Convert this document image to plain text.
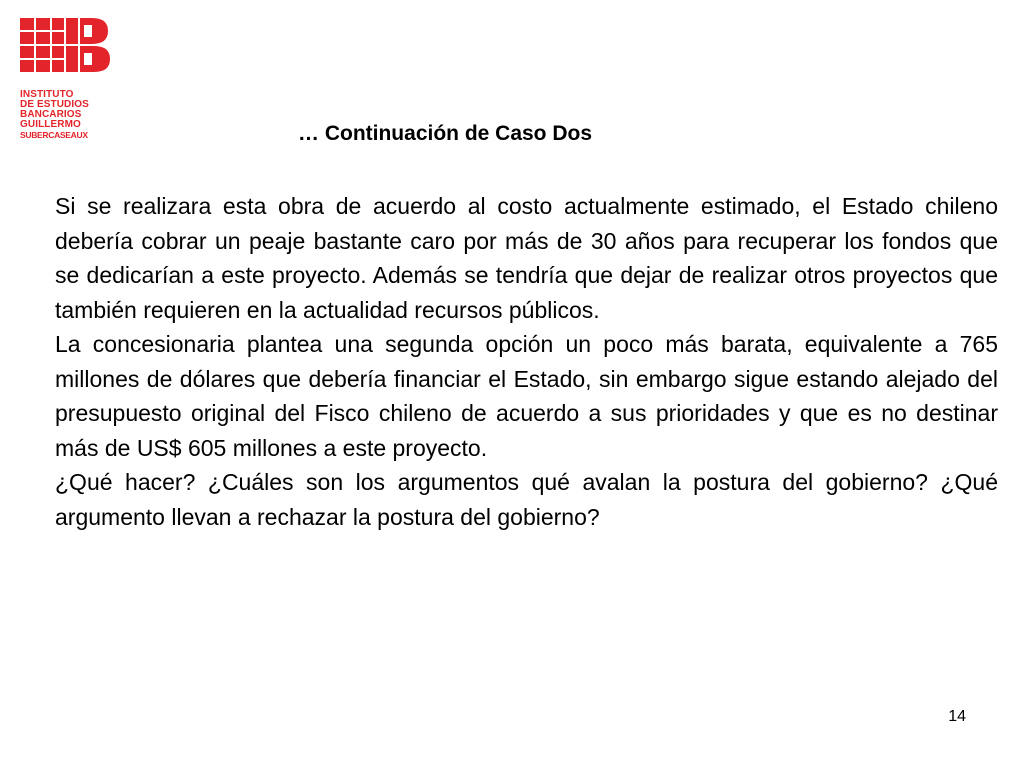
INSTITUTO
DE ESTUDIOS
BANCARIOS
GUILLERMO
SUBERCASEAUX	… Continuación de Caso Dos

Si se realizara esta obra de acuerdo al costo actualmente estimado, el Estado chileno debería cobrar un peaje bastante caro por más de 30 años para recuperar los fondos que se dedicarían a este proyecto. Además se tendría que dejar de realizar otros proyectos que también requieren en la actualidad recursos públicos.

La concesionaria plantea una segunda opción un poco más barata, equivalente a 765 millones de dólares que debería financiar el Estado, sin embargo sigue estando alejado del presupuesto original del Fisco chileno de acuerdo a sus prioridades y que es no destinar más de US$ 605 millones a este proyecto.

¿Qué hacer? ¿Cuáles son los argumentos qué avalan la postura del gobierno? ¿Qué argumento llevan a rechazar la postura del gobierno?

14
